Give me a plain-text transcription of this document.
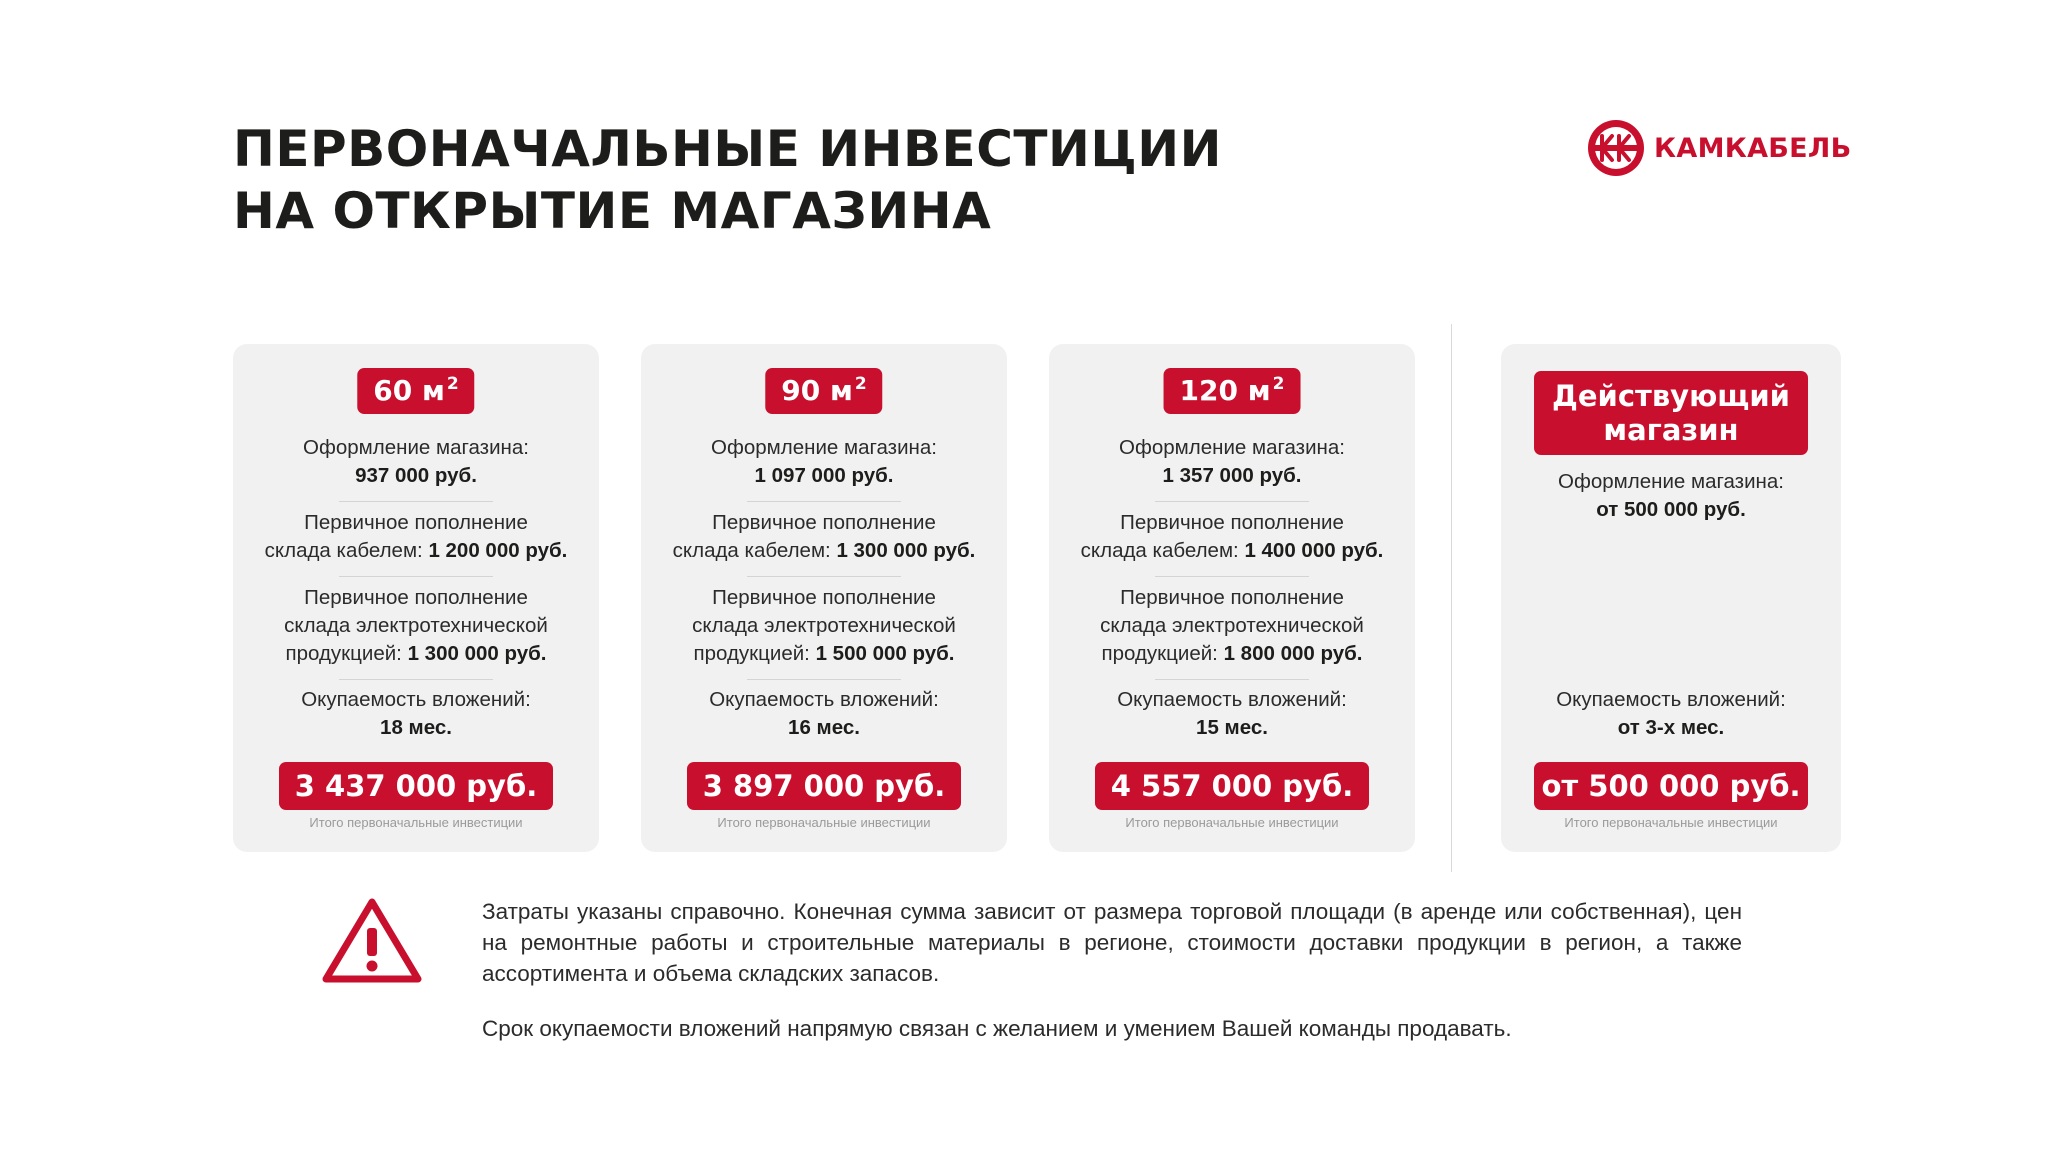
ПЕРВОНАЧАЛЬНЫЕ ИНВЕСТИЦИИ
НА ОТКРЫТИЕ МАГАЗИНА
КАМКАБЕЛЬ
60 м $^2$
Оформление магазина:
937 000 руб.
Первичное пополнение
склада кабелем: 1 200 000 руб.
Первичное пополнение
склада электротехнической
продукцией: 1 300 000 руб.
Окупаемость вложений:
18 мес.
3 437 000 руб.
Итого первоначальные инвестиции
90 м $^2$
Оформление магазина:
1 097 000 руб.
Первичное пополнение
склада кабелем: 1 300 000 руб.
Первичное пополнение
склада электротехнической
продукцией: 1 500 000 руб.
Окупаемость вложений:
16 мес.
3 897 000 руб.
Итого первоначальные инвестиции
120 м $^2$
Оформление магазина:
1 357 000 руб.
Первичное пополнение
склада кабелем: 1 400 000 руб.
Первичное пополнение
склада электротехнической
продукцией: 1 800 000 руб.
Окупаемость вложений:
15 мес.
4 557 000 руб.
Итого первоначальные инвестиции
Действующий
магазин
Оформление магазина:
от 500 000 руб.
Окупаемость вложений:
от 3-х мес.
от 500 000 руб.
Итого первоначальные инвестиции
Затраты указаны справочно. Конечная сумма зависит от размера торговой площади (в аренде или собственная), цен на ремонтные работы и строительные материалы в регионе, стоимости доставки продукции в регион, а также ассортимента и объема складских запасов.
Срок окупаемости вложений напрямую связан с желанием и умением Вашей команды продавать.
